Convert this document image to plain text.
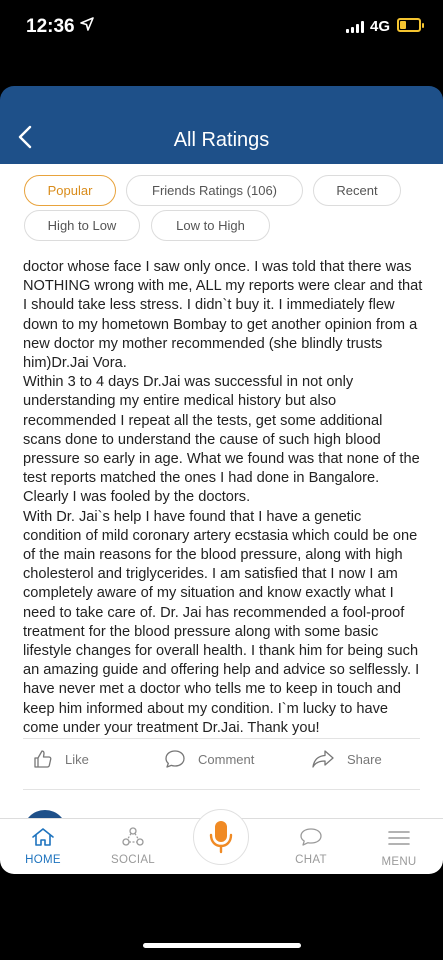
12:36	4G
All Ratings
Popular	Friends Ratings (106)	Recent
High to Low	Low to High

doctor whose face I saw only once. I was told that there was NOTHING wrong with me, ALL my reports were clear and that I should take less stress. I didn`t buy it. I immediately flew down to my hometown Bombay to get another opinion from a new doctor my mother recommended (she blindly trusts him)Dr.Jai Vora.

Within 3 to 4 days Dr.Jai was successful in not only understanding my entire medical history but also recommended I repeat all the tests, get some additional scans done to understand the cause of such high blood pressure so early in age. What we found was that none of the test reports matched the ones I had done in Bangalore. Clearly I was fooled by the doctors.

With Dr. Jai`s help I have found that I have a genetic condition of mild coronary artery ecstasia which could be one of the main reasons for the blood pressure, along with high cholesterol and triglycerides. I am satisfied that I now I am completely aware of my situation and know exactly what I need to take care of. Dr. Jai has recommended a fool-proof treatment for the blood pressure along with some basic lifestyle changes for overall health. I thank him for being such an amazing guide and offering help and advice so selflessly. I have never met a doctor who tells me to keep in touch and keep him informed about my condition. I`m lucky to have come under your treatment Dr.Jai. Thank you!

Like	Comment	Share
HOME	SOCIAL	CHAT	MENU
